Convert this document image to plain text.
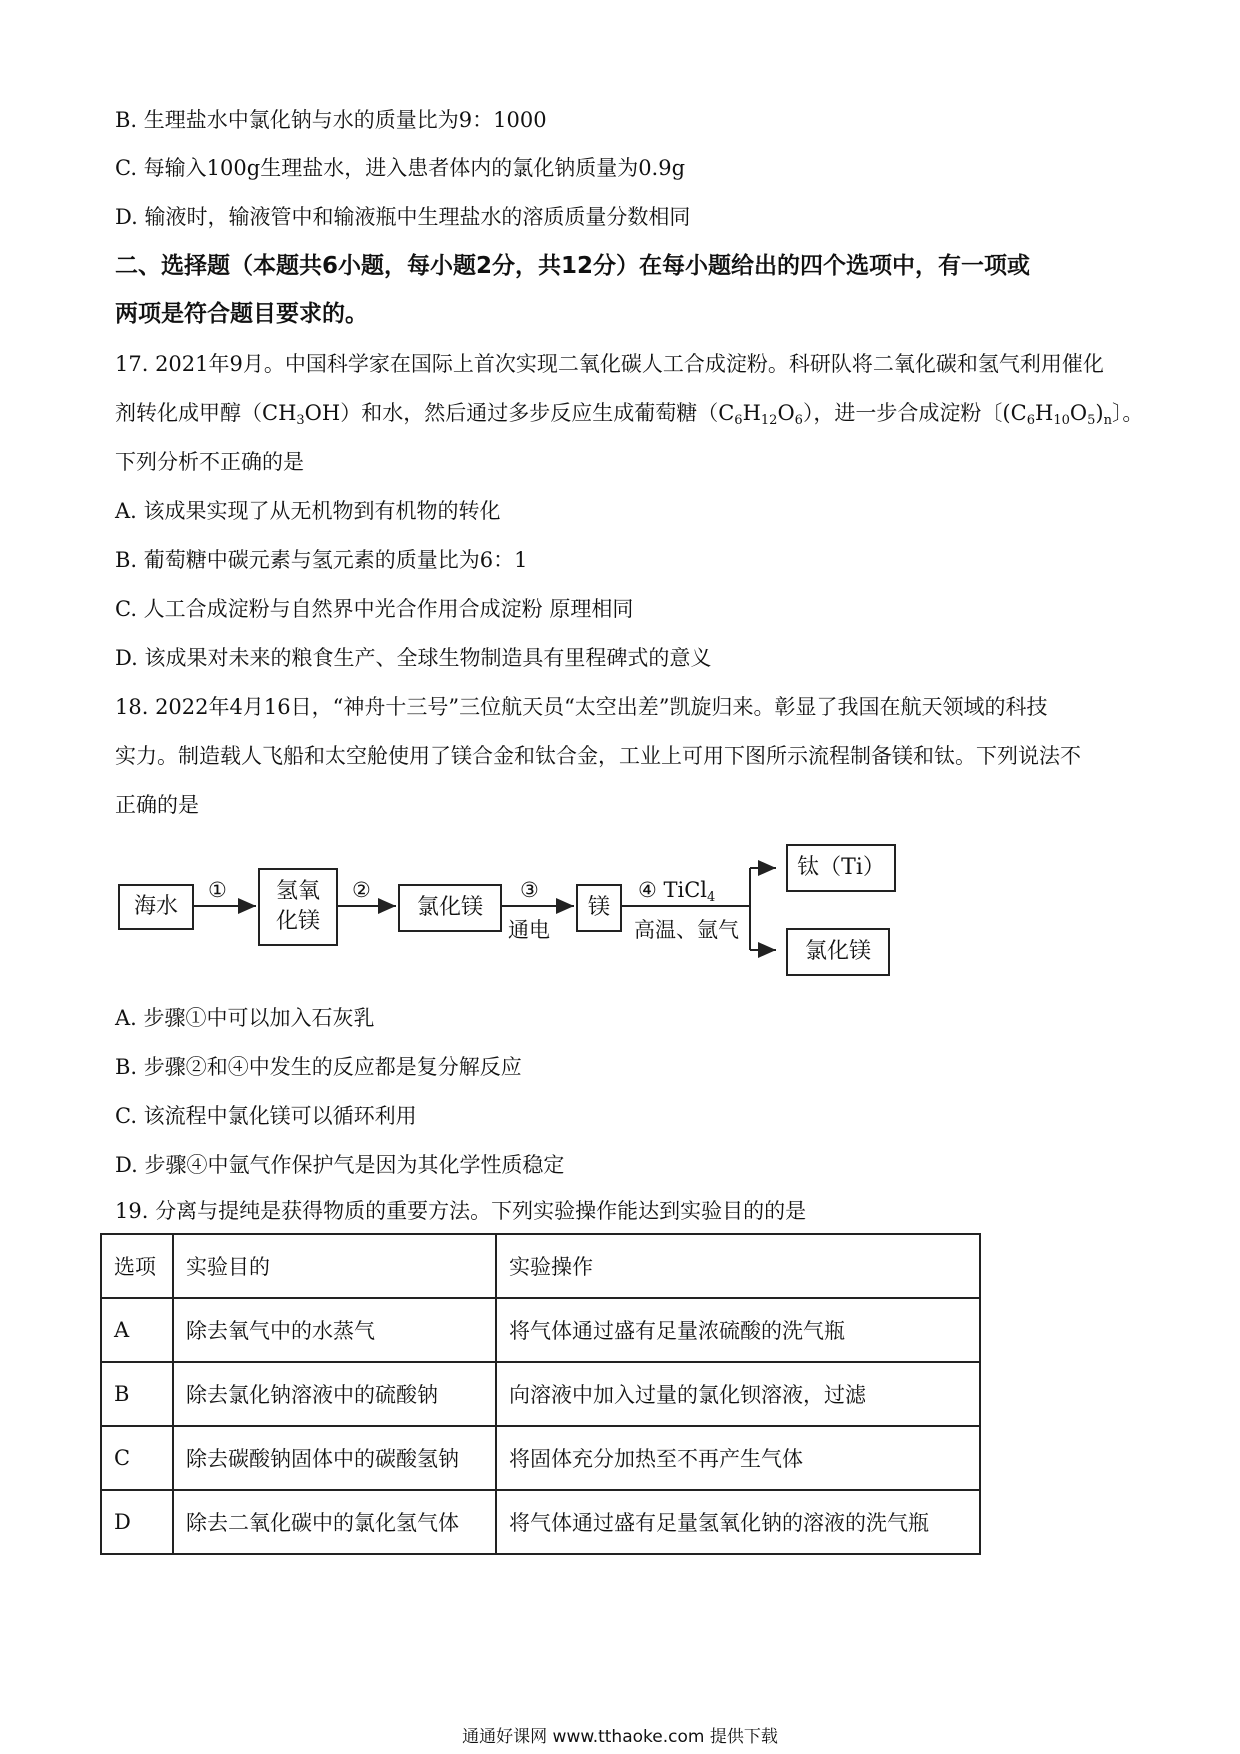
B. 生理盐水中氯化钠与水的质量比为9：1000
C. 每输入100g生理盐水，进入患者体内的氯化钠质量为0.9g
D. 输液时，输液管中和输液瓶中生理盐水的溶质质量分数相同
二、选择题（本题共6小题，每小题2分，共12分）在每小题给出的四个选项中，有一项或
两项是符合题目要求的。
17. 2021年9月。中国科学家在国际上首次实现二氧化碳人工合成淀粉。科研队将二氧化碳和氢气利用催化
剂转化成甲醇$(CH_3OH)$和水，然后通过多步反应生成葡萄糖$(C_6H_{12}O_6)$，进一步合成淀粉〔$(C_6H_{10}O_5)_n$〕。
下列分析不正确的是
A. 该成果实现了从无机物到有机物的转化
B. 葡萄糖中碳元素与氢元素的质量比为6：1
C. 人工合成淀粉与自然界中光合作用合成淀粉 原理相同
D. 该成果对未来的粮食生产、全球生物制造具有里程碑式的意义
18. 2022年4月16日，“神舟十三号”三位航天员“太空出差”凯旋归来。彰显了我国在航天领域的科技
实力。制造载人飞船和太空舱使用了镁合金和钛合金，工业上可用下图所示流程制备镁和钛。下列说法不
正确的是
海水
① 氢氧
化镁
②
氯化镁
③
通电
镁
④ TiCl$_4$
高温、氩气
钛（Ti）
氯化镁
A. 步骤①中可以加入石灰乳
B. 步骤②和④中发生的反应都是复分解反应
C. 该流程中氯化镁可以循环利用
D. 步骤④中氩气作保护气是因为其化学性质稳定
19. 分离与提纯是获得物质的重要方法。下列实验操作能达到实验目的的是
选项	实验目的	实验操作
A	除去氧气中的水蒸气	将气体通过盛有足量浓硫酸的洗气瓶
B	除去氯化钠溶液中的硫酸钠	向溶液中加入过量的氯化钡溶液，过滤
C	除去碳酸钠固体中的碳酸氢钠	将固体充分加热至不再产生气体
D	除去二氧化碳中的氯化氢气体	将气体通过盛有足量氢氧化钠的溶液的洗气瓶
通通好课网 www.tthaoke.com 提供下载
